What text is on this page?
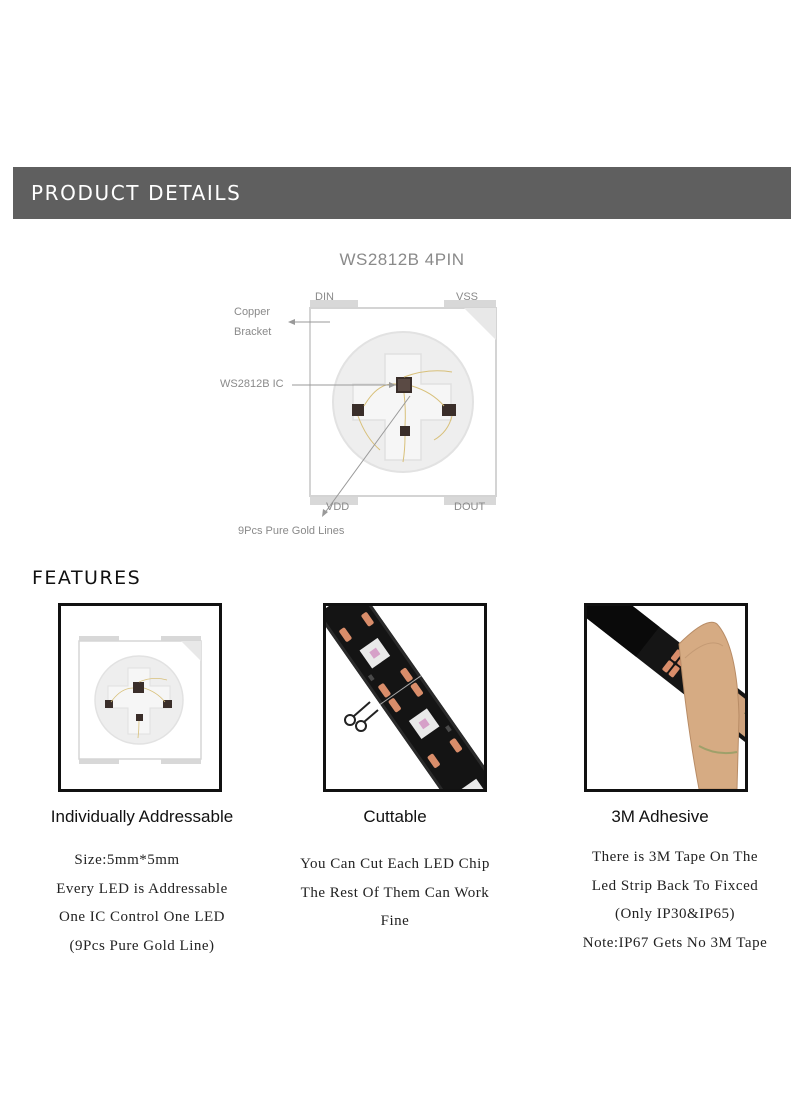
PRODUCT DETAILS
WS2812B 4PIN
DIN	VSS
VDD	DOUT
Copper
Bracket
WS2812B IC
9Pcs Pure Gold Lines
FEATURES
Individually Addressable	Cuttable	3M Adhesive
Size:5mm*5mm
Every LED is Addressable
One IC Control One LED
(9Pcs Pure Gold Line)
You Can Cut Each LED Chip
The Rest Of Them Can Work
Fine
There is 3M Tape On The
Led Strip Back To Fixced
(Only IP30&IP65)
Note:IP67 Gets No 3M Tape
